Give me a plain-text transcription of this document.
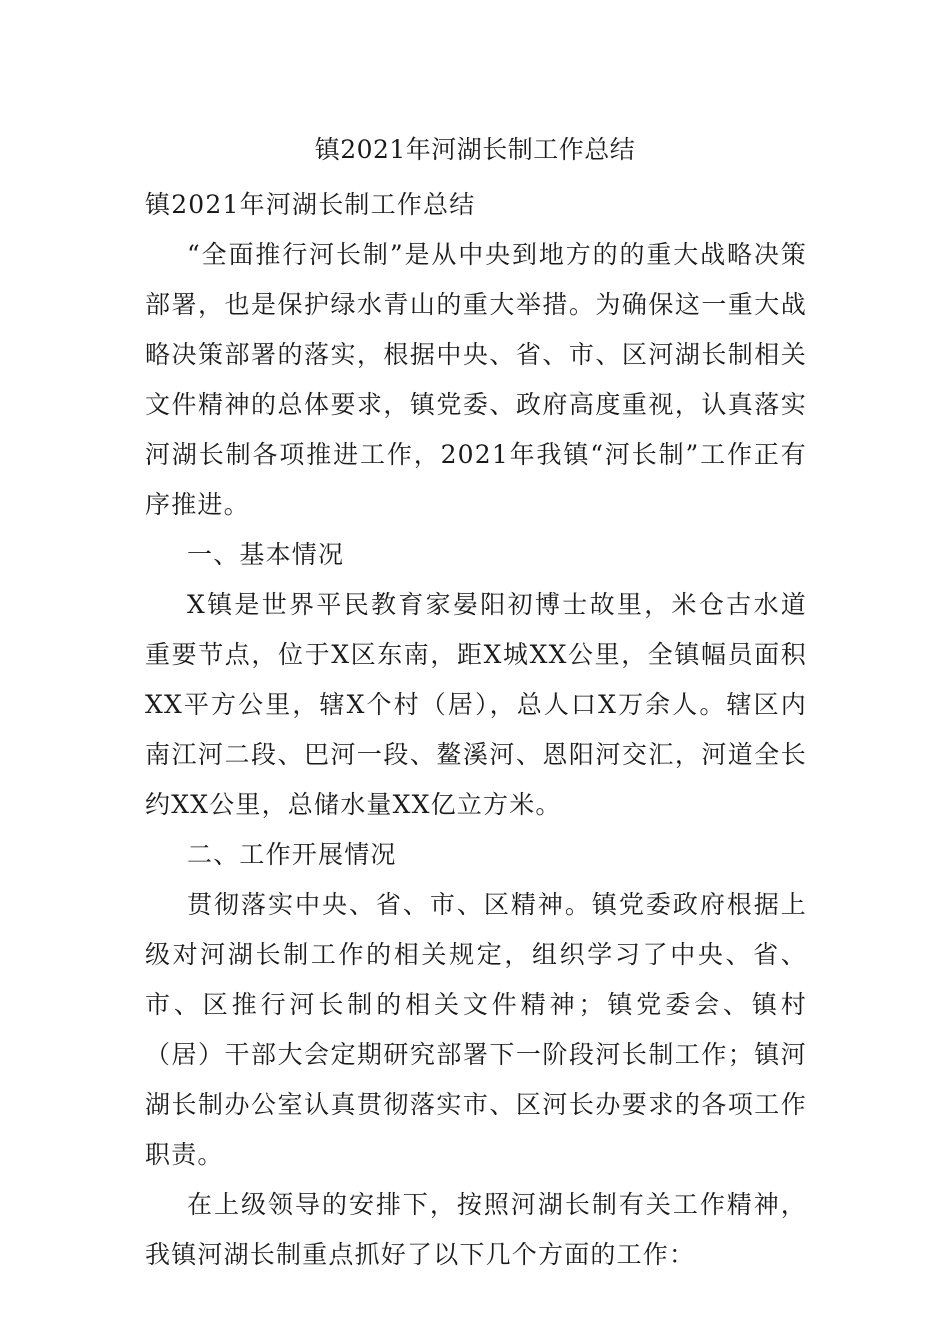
镇2021年河湖长制工作总结

镇2021年河湖长制工作总结

“全面推行河长制”是从中央到地方的的重大战略决策部署，也是保护绿水青山的重大举措。为确保这一重大战略决策部署的落实，根据中央、省、市、区河湖长制相关文件精神的总体要求，镇党委、政府高度重视，认真落实河湖长制各项推进工作，2021年我镇“河长制”工作正有序推进。

一、基本情况

X镇是世界平民教育家晏阳初博士故里，米仓古水道重要节点，位于X区东南，距X城XX公里，全镇幅员面积XX平方公里，辖X个村（居），总人口X万余人。辖区内南江河二段、巴河一段、鳌溪河、恩阳河交汇，河道全长约XX公里，总储水量XX亿立方米。

二、工作开展情况

贯彻落实中央、省、市、区精神。镇党委政府根据上级对河湖长制工作的相关规定，组织学习了中央、省、市、区推行河长制的相关文件精神；镇党委会、镇村（居）干部大会定期研究部署下一阶段河长制工作；镇河湖长制办公室认真贯彻落实市、区河长办要求的各项工作职责。

在上级领导的安排下，按照河湖长制有关工作精神，我镇河湖长制重点抓好了以下几个方面的工作：
